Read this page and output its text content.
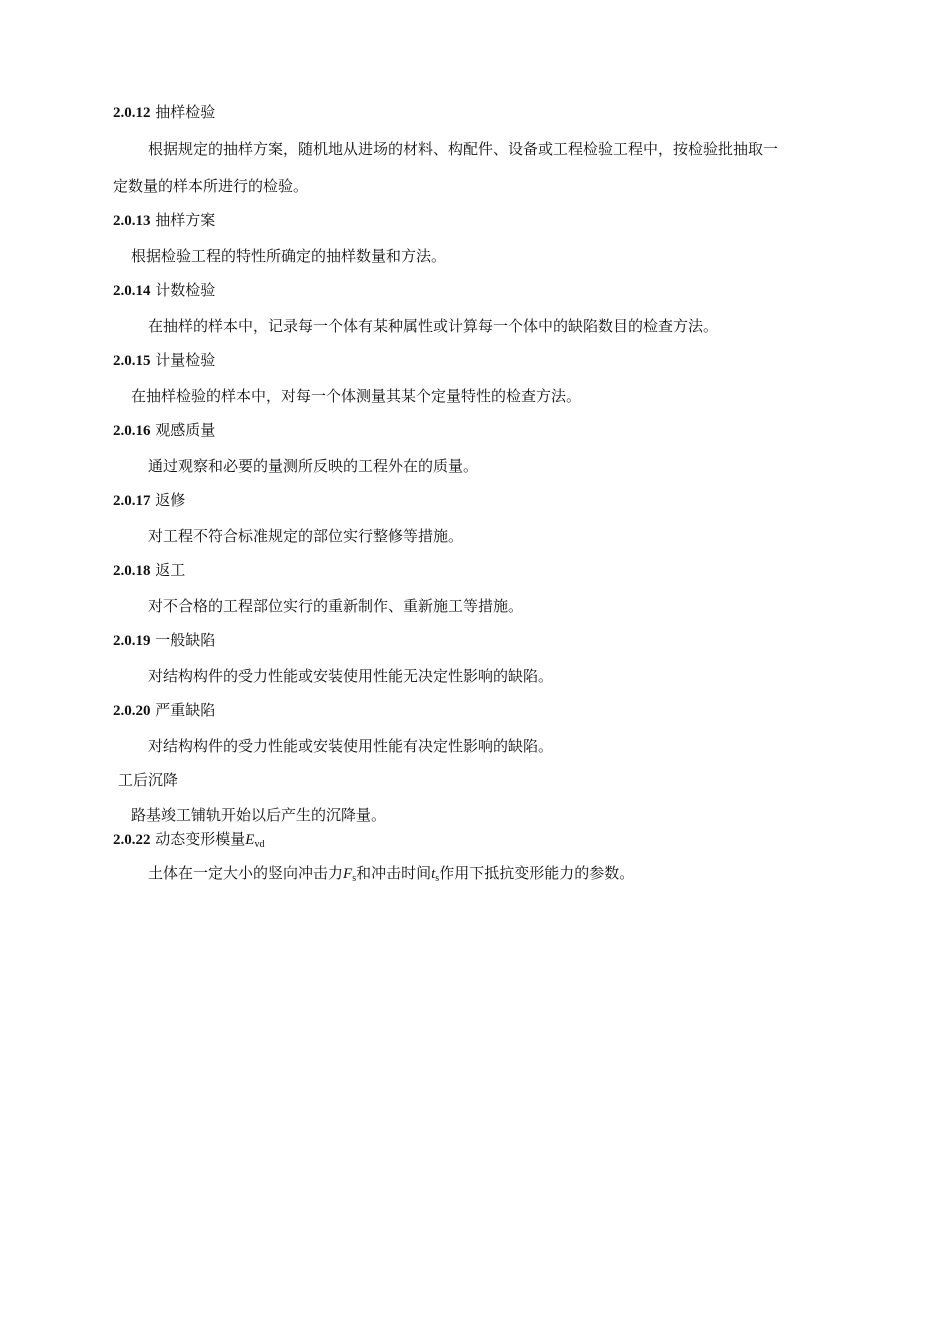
2.0.12 抽样检验
根据规定的抽样方案，随机地从进场的材料、构配件、设备或工程检验工程中，按检验批抽取一
定数量的样本所进行的检验。
2.0.13 抽样方案
根据检验工程的特性所确定的抽样数量和方法。
2.0.14 计数检验
在抽样的样本中，记录每一个体有某种属性或计算每一个体中的缺陷数目的检查方法。
2.0.15 计量检验
在抽样检验的样本中，对每一个体测量其某个定量特性的检查方法。
2.0.16 观感质量
通过观察和必要的量测所反映的工程外在的质量。
2.0.17 返修
对工程不符合标准规定的部位实行整修等措施。
2.0.18 返工
对不合格的工程部位实行的重新制作、重新施工等措施。
2.0.19 一般缺陷
对结构构件的受力性能或安装使用性能无决定性影响的缺陷。
2.0.20 严重缺陷
对结构构件的受力性能或安装使用性能有决定性影响的缺陷。
工后沉降
路基竣工铺轨开始以后产生的沉降量。
2.0.22 动态变形模量$E_{vd}$
土体在一定大小的竖向冲击力$F_s$和冲击时间$t_s$作用下抵抗变形能力的参数。
